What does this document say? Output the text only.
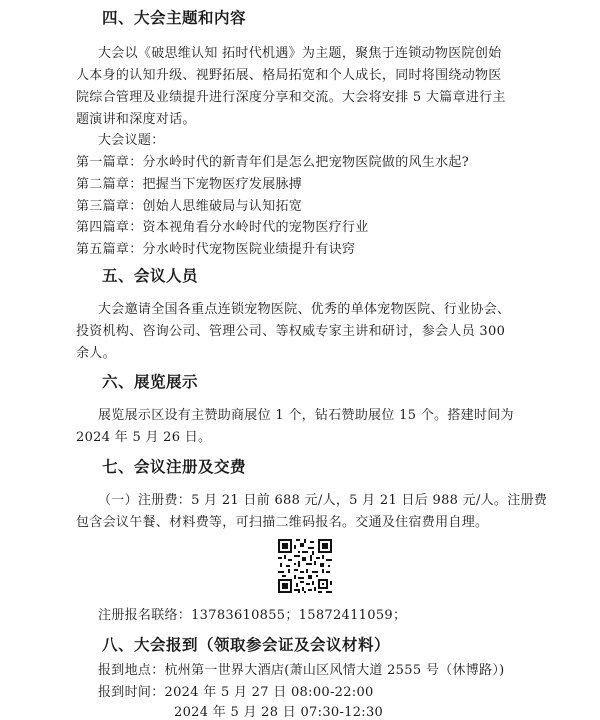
四、大会主题和内容
大会以《破思维认知 拓时代机遇》为主题，聚焦于连锁动物医院创始
人本身的认知升级、视野拓展、格局拓宽和个人成长，同时将围绕动物医
院综合管理及业绩提升进行深度分享和交流。大会将安排 5 大篇章进行主
题演讲和深度对话。
大会议题：
第一篇章：分水岭时代的新青年们是怎么把宠物医院做的风生水起?
第二篇章：把握当下宠物医疗发展脉搏
第三篇章：创始人思维破局与认知拓宽
第四篇章：资本视角看分水岭时代的宠物医疗行业
第五篇章：分水岭时代宠物医院业绩提升有诀窍
五、会议人员
大会邀请全国各重点连锁宠物医院、优秀的单体宠物医院、行业协会、
投资机构、咨询公司、管理公司、等权威专家主讲和研讨，参会人员 300
余人。
六、展览展示
展览展示区设有主赞助商展位 1 个，钻石赞助展位 15 个。搭建时间为
2024 年 5 月 26 日。
七、会议注册及交费
（一）注册费：5 月 21 日前 688 元/人，5 月 21 日后 988 元/人。注册费
包含会议午餐、材料费等，可扫描二维码报名。交通及住宿费用自理。
注册报名联络：13783610855；15872411059；
八、大会报到（领取参会证及会议材料）
报到地点：杭州第一世界大酒店(萧山区风情大道 2555 号（休博路）)
报到时间：2024 年 5 月 27 日 08:00-22:00
2024 年 5 月 28 日 07:30-12:30
